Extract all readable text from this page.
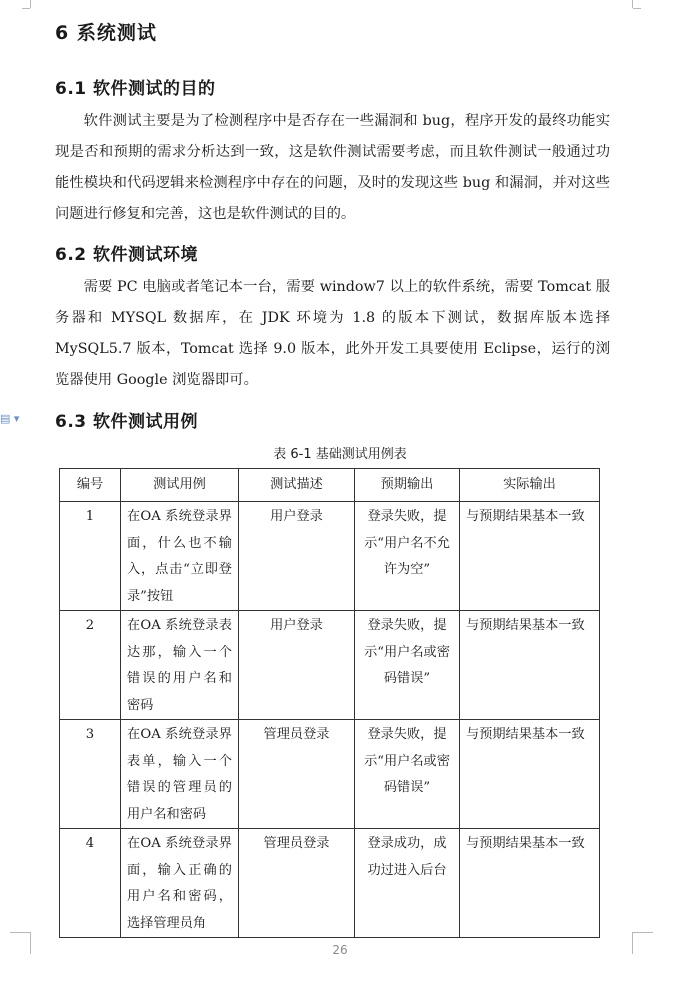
▤ ▾
6 系统测试
6.1 软件测试的目的

软件测试主要是为了检测程序中是否存在一些漏洞和 bug，程序开发的最终功能实现是否和预期的需求分析达到一致，这是软件测试需要考虑，而且软件测试一般通过功能性模块和代码逻辑来检测程序中存在的问题，及时的发现这些 bug 和漏洞，并对这些问题进行修复和完善，这也是软件测试的目的。

6.2 软件测试环境

需要 PC 电脑或者笔记本一台，需要 window7 以上的软件系统，需要 Tomcat 服务器和 MYSQL 数据库，在 JDK 环境为 1.8 的版本下测试，数据库版本选择 MySQL5.7 版本，Tomcat 选择 9.0 版本，此外开发工具要使用 Eclipse，运行的浏览器使用 Google 浏览器即可。

6.3 软件测试用例
表 6-1 基础测试用例表
编号	测试用例	测试描述	预期输出	实际输出
1	在OA 系统登录界面，什么也不输入，点击“立即登录”按钮	用户登录	登录失败，提示“用户名不允许为空”	与预期结果基本一致
2	在OA 系统登录表达那，输入一个错误的用户名和密码	用户登录	登录失败，提示“用户名或密码错误”	与预期结果基本一致
3	在OA 系统登录界表单，输入一个错误的管理员的用户名和密码	管理员登录	登录失败，提示“用户名或密码错误”	与预期结果基本一致
4	在OA 系统登录界面，输入正确的用户名和密码，选择管理员角	管理员登录	登录成功，成功过进入后台	与预期结果基本一致
26
